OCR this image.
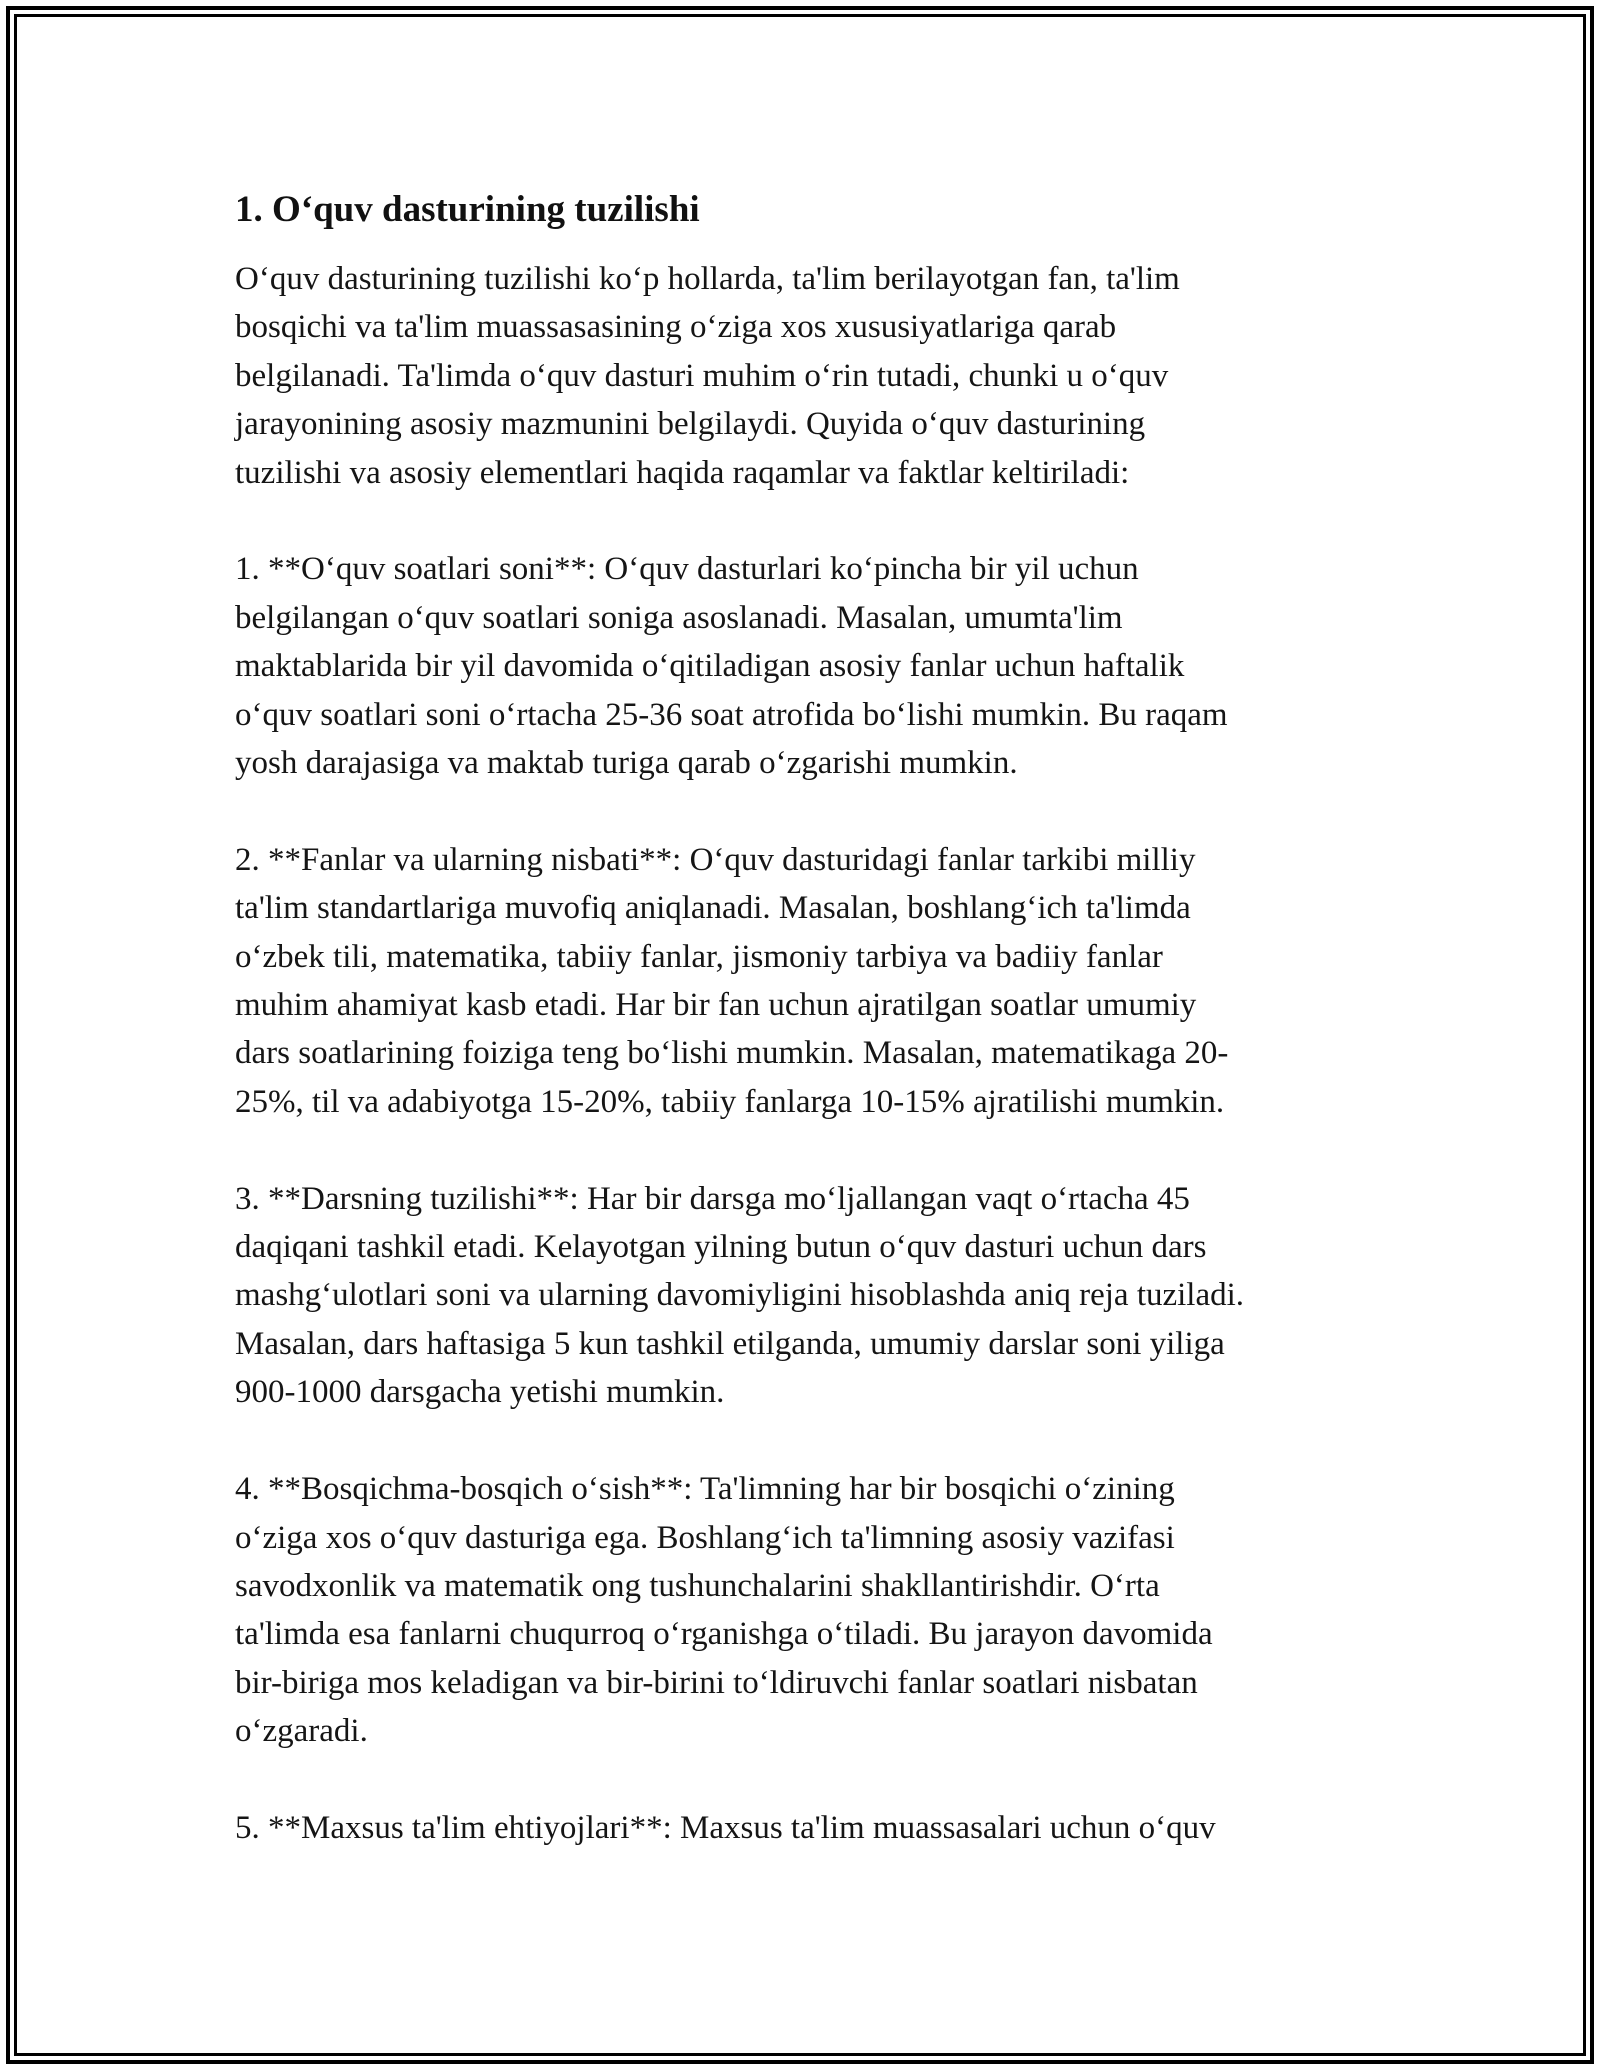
1. O‘quv dasturining tuzilishi
O‘quv dasturining tuzilishi ko‘p hollarda, ta'lim berilayotgan fan, ta'lim
bosqichi va ta'lim muassasasining o‘ziga xos xususiyatlariga qarab
belgilanadi. Ta'limda o‘quv dasturi muhim o‘rin tutadi, chunki u o‘quv
jarayonining asosiy mazmunini belgilaydi. Quyida o‘quv dasturining
tuzilishi va asosiy elementlari haqida raqamlar va faktlar keltiriladi:
1. **O‘quv soatlari soni**: O‘quv dasturlari ko‘pincha bir yil uchun
belgilangan o‘quv soatlari soniga asoslanadi. Masalan, umumta'lim
maktablarida bir yil davomida o‘qitiladigan asosiy fanlar uchun haftalik
o‘quv soatlari soni o‘rtacha 25-36 soat atrofida bo‘lishi mumkin. Bu raqam
yosh darajasiga va maktab turiga qarab o‘zgarishi mumkin.
2. **Fanlar va ularning nisbati**: O‘quv dasturidagi fanlar tarkibi milliy
ta'lim standartlariga muvofiq aniqlanadi. Masalan, boshlang‘ich ta'limda
o‘zbek tili, matematika, tabiiy fanlar, jismoniy tarbiya va badiiy fanlar
muhim ahamiyat kasb etadi. Har bir fan uchun ajratilgan soatlar umumiy
dars soatlarining foiziga teng bo‘lishi mumkin. Masalan, matematikaga 20-
25%, til va adabiyotga 15-20%, tabiiy fanlarga 10-15% ajratilishi mumkin.
3. **Darsning tuzilishi**: Har bir darsga mo‘ljallangan vaqt o‘rtacha 45
daqiqani tashkil etadi. Kelayotgan yilning butun o‘quv dasturi uchun dars
mashg‘ulotlari soni va ularning davomiyligini hisoblashda aniq reja tuziladi.
Masalan, dars haftasiga 5 kun tashkil etilganda, umumiy darslar soni yiliga
900-1000 darsgacha yetishi mumkin.
4. **Bosqichma-bosqich o‘sish**: Ta'limning har bir bosqichi o‘zining
o‘ziga xos o‘quv dasturiga ega. Boshlang‘ich ta'limning asosiy vazifasi
savodxonlik va matematik ong tushunchalarini shakllantirishdir. O‘rta
ta'limda esa fanlarni chuqurroq o‘rganishga o‘tiladi. Bu jarayon davomida
bir-biriga mos keladigan va bir-birini to‘ldiruvchi fanlar soatlari nisbatan
o‘zgaradi.
5. **Maxsus ta'lim ehtiyojlari**: Maxsus ta'lim muassasalari uchun o‘quv
